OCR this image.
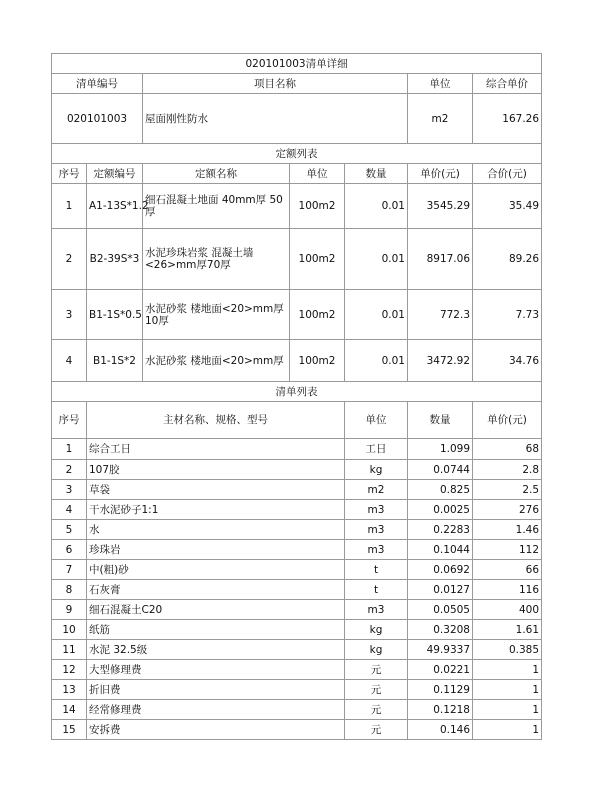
020101003清单详细							
清单编号		项目名称			单位	综合单价	
020101003		屋面刚性防水			m2	167.26	
定额列表							
序号	定额编号	定额名称	单位	数量	单价(元)	合价(元)	
1	A1-13S*1.2	细石混凝土地面 40mm厚 50厚	100m2	0.01	3545.29	35.49	
2	B2-39S*3	水泥珍珠岩浆 混凝土墙<26>mm厚70厚	100m2	0.01	8917.06	89.26	
3	B1-1S*0.5	水泥砂浆 楼地面<20>mm厚10厚	100m2	0.01	772.3	7.73	
4	B1-1S*2	水泥砂浆 楼地面<20>mm厚	100m2	0.01	3472.92	34.76	
清单列表							
序号	主材名称、规格、型号			单位	数量	单价(元)	
1	综合工日			工日	1.099	68	
2	107胶			kg	0.0744	2.8	
3	草袋			m2	0.825	2.5	
4	干水泥砂子1:1			m3	0.0025	276	
5	水			m3	0.2283	1.46	
6	珍珠岩			m3	0.1044	112	
7	中(粗)砂			t	0.0692	66	
8	石灰膏			t	0.0127	116	
9	细石混凝土C20			m3	0.0505	400	
10	纸筋			kg	0.3208	1.61	
11	水泥 32.5级			kg	49.9337	0.385	
12	大型修理费			元	0.0221	1	
13	折旧费			元	0.1129	1	
14	经常修理费			元	0.1218	1	
15	安拆费			元	0.146	1	
